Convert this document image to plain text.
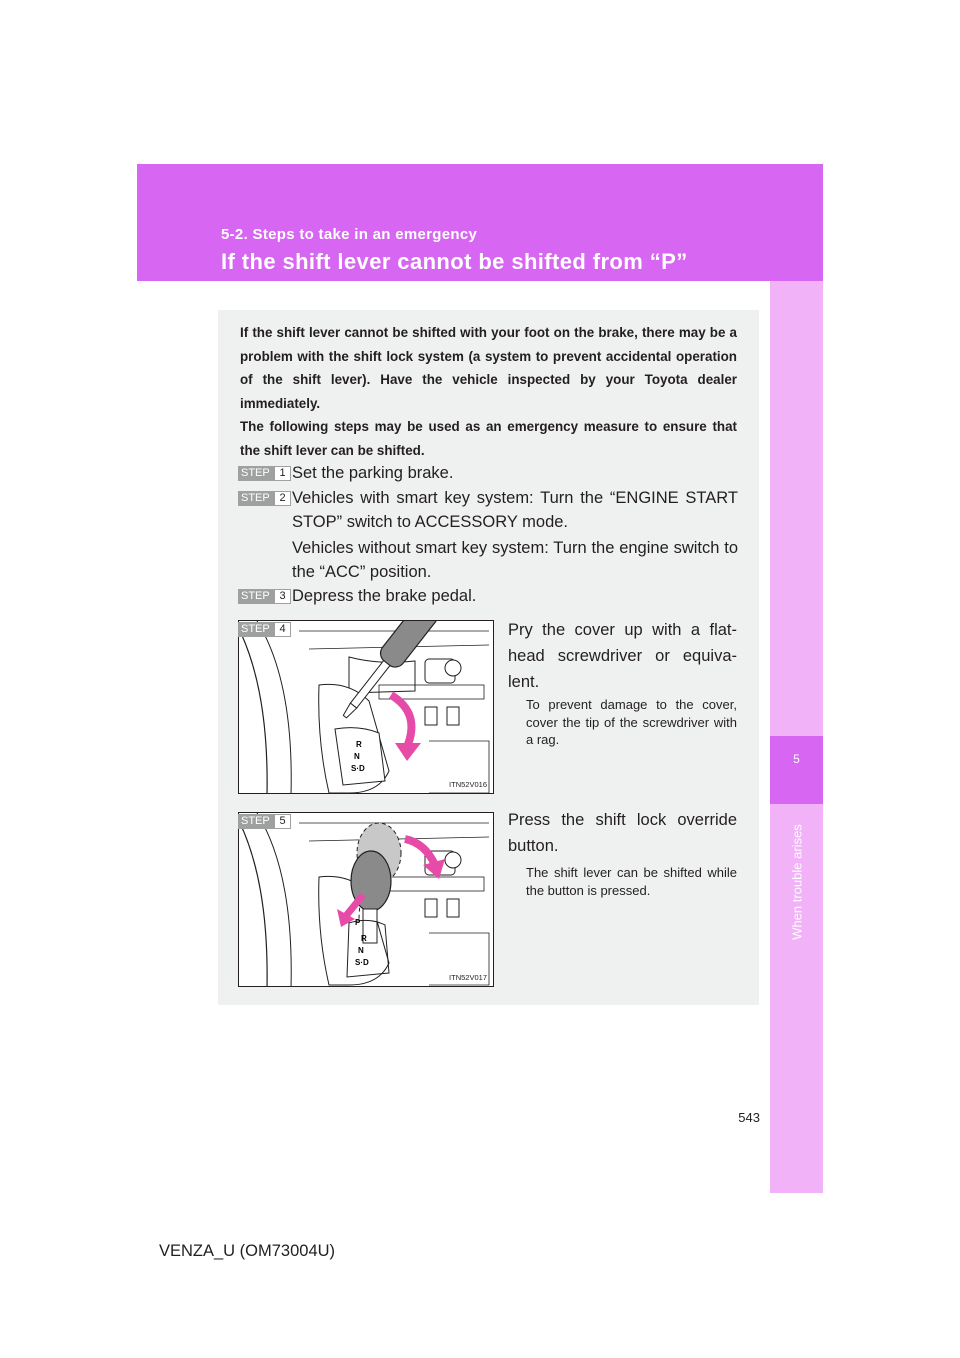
5-2. Steps to take in an emergency
If the shift lever cannot be shifted from “P”
5
When trouble arises

If the shift lever cannot be shifted with your foot on the brake, there may be a problem with the shift lock system (a system to prevent accidental operation of the shift lever). Have the vehicle inspected by your Toyota dealer immediately.

The following steps may be used as an emergency measure to ensure that the shift lever can be shifted.

STEP 1 Set the parking brake.
STEP 2 Vehicles with smart key system: Turn the “ENGINE START STOP” switch to ACCESSORY mode.
Vehicles without smart key system: Turn the engine switch to the “ACC” position.
STEP 3 Depress the brake pedal.
R
N
S·D
ITN52V016
STEP 4	Pry the cover up with a flat-head screwdriver or equiva-lent.
To prevent damage to the cover, cover the tip of the screwdriver with a rag.
P
R
N
S·D
ITN52V017
STEP 5	Press the shift lock override button.
The shift lever can be shifted while the button is pressed.
543
VENZA_U (OM73004U)
